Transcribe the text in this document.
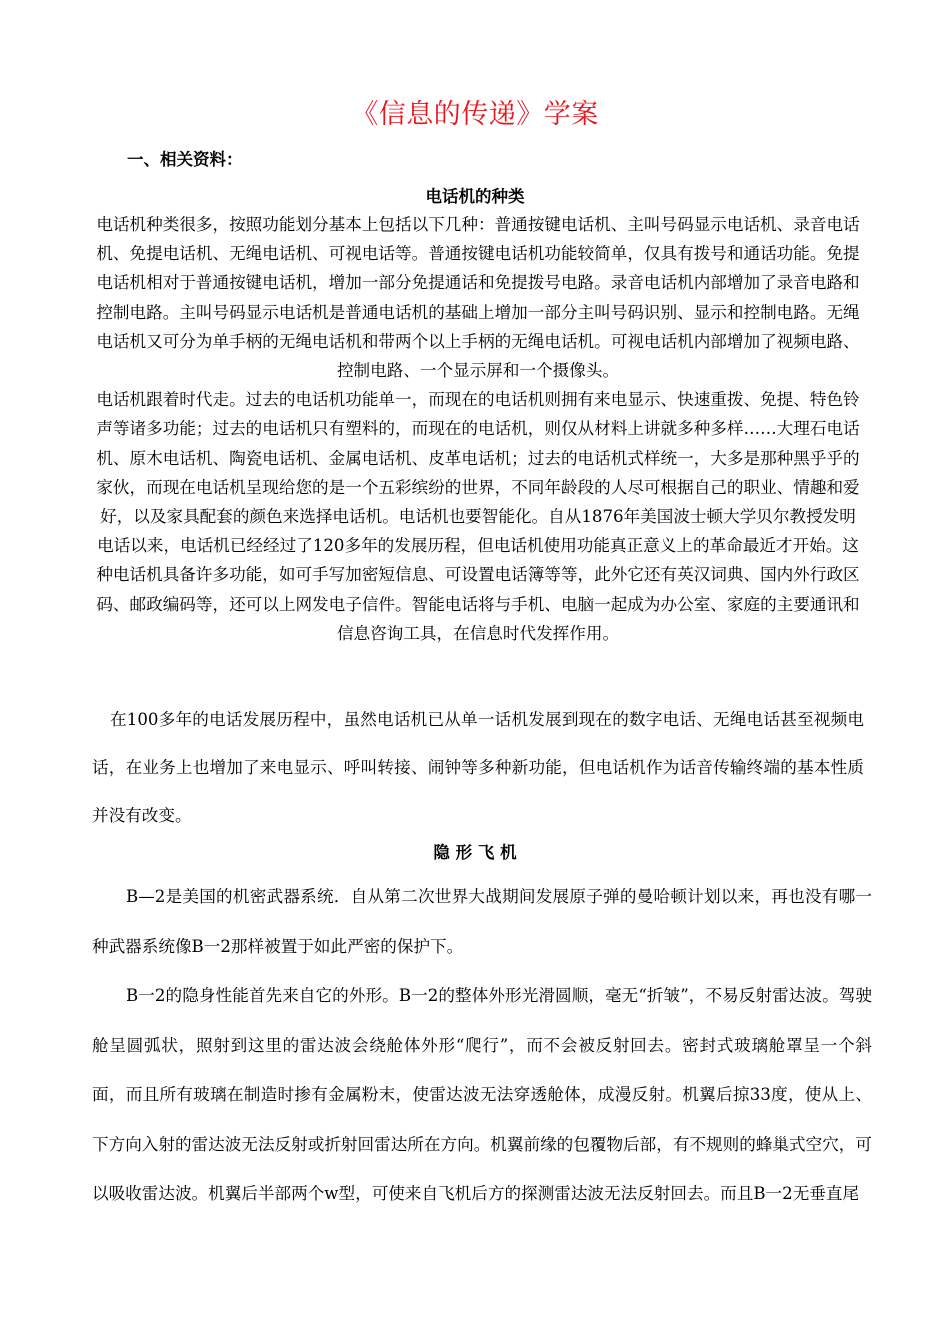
《信息的传递》学案
一、相关资料：
电话机的种类

电话机种类很多，按照功能划分基本上包括以下几种：普通按键电话机、主叫号码显示电话机、录音电话机、免提电话机、无绳电话机、可视电话等。普通按键电话机功能较简单，仅具有拨号和通话功能。免提电话机相对于普通按键电话机，增加一部分免提通话和免提拨号电路。录音电话机内部增加了录音电路和控制电路。主叫号码显示电话机是普通电话机的基础上增加一部分主叫号码识别、显示和控制电路。无绳电话机又可分为单手柄的无绳电话机和带两个以上手柄的无绳电话机。可视电话机内部增加了视频电路、控制电路、一个显示屏和一个摄像头。

电话机跟着时代走。过去的电话机功能单一，而现在的电话机则拥有来电显示、快速重拨、免提、特色铃声等诸多功能；过去的电话机只有塑料的，而现在的电话机，则仅从材料上讲就多种多样……大理石电话机、原木电话机、陶瓷电话机、金属电话机、皮革电话机；过去的电话机式样统一，大多是那种黑乎乎的家伙，而现在电话机呈现给您的是一个五彩缤纷的世界，不同年龄段的人尽可根据自己的职业、情趣和爱好，以及家具配套的颜色来选择电话机。电话机也要智能化。自从1876年美国波士顿大学贝尔教授发明电话以来，电话机已经经过了120多年的发展历程，但电话机使用功能真正意义上的革命最近才开始。这种电话机具备许多功能，如可手写加密短信息、可设置电话簿等等，此外它还有英汉词典、国内外行政区码、邮政编码等，还可以上网发电子信件。智能电话将与手机、电脑一起成为办公室、家庭的主要通讯和信息咨询工具，在信息时代发挥作用。

在100多年的电话发展历程中，虽然电话机已从单一话机发展到现在的数字电话、无绳电话甚至视频电话，在业务上也增加了来电显示、呼叫转接、闹钟等多种新功能，但电话机作为话音传输终端的基本性质并没有改变。
隐 形 飞 机

B—2是美国的机密武器系统．自从第二次世界大战期间发展原子弹的曼哈顿计划以来，再也没有哪一种武器系统像B一2那样被置于如此严密的保护下。

B一2的隐身性能首先来自它的外形。B一2的整体外形光滑圆顺，毫无“折皱”，不易反射雷达波。驾驶舱呈圆弧状，照射到这里的雷达波会绕舱体外形“爬行”，而不会被反射回去。密封式玻璃舱罩呈一个斜面，而且所有玻璃在制造时掺有金属粉末，使雷达波无法穿透舱体，成漫反射。机翼后掠33度，使从上、下方向入射的雷达波无法反射或折射回雷达所在方向。机翼前缘的包覆物后部，有不规则的蜂巢式空穴，可以吸收雷达波。机翼后半部两个w型，可使来自飞机后方的探测雷达波无法反射回去。而且B一2无垂直尾
